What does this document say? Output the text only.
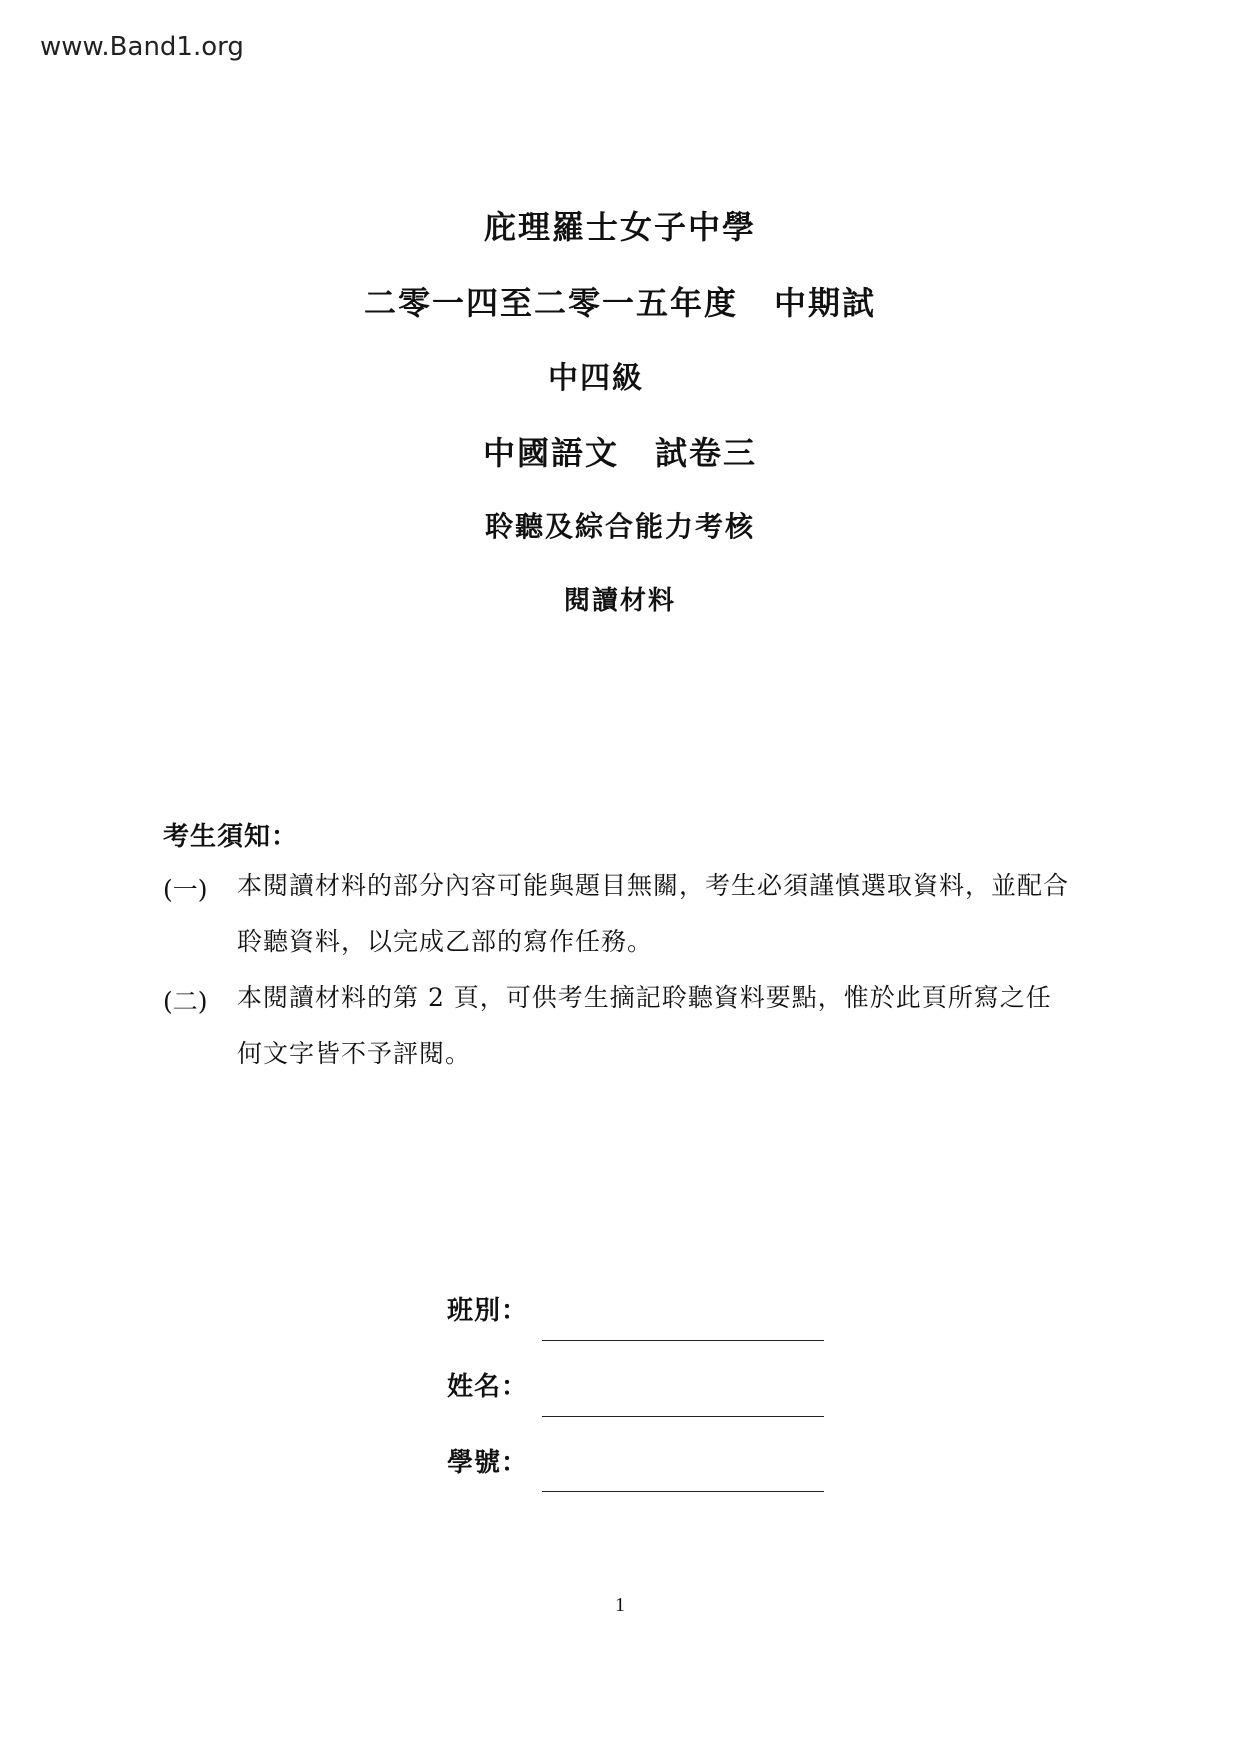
www.Band1.org
庇理羅士女子中學
二零一四至二零一五年度 中期試
中四級
中國語文 試卷三
聆聽及綜合能力考核
閱讀材料
考生須知：
(一) 本閱讀材料的部分內容可能與題目無關，考生必須謹慎選取資料，並配合聆聽資料，以完成乙部的寫作任務。
(二) 本閱讀材料的第 2 頁，可供考生摘記聆聽資料要點，惟於此頁所寫之任何文字皆不予評閱。
班別：
姓名：
學號：
1
